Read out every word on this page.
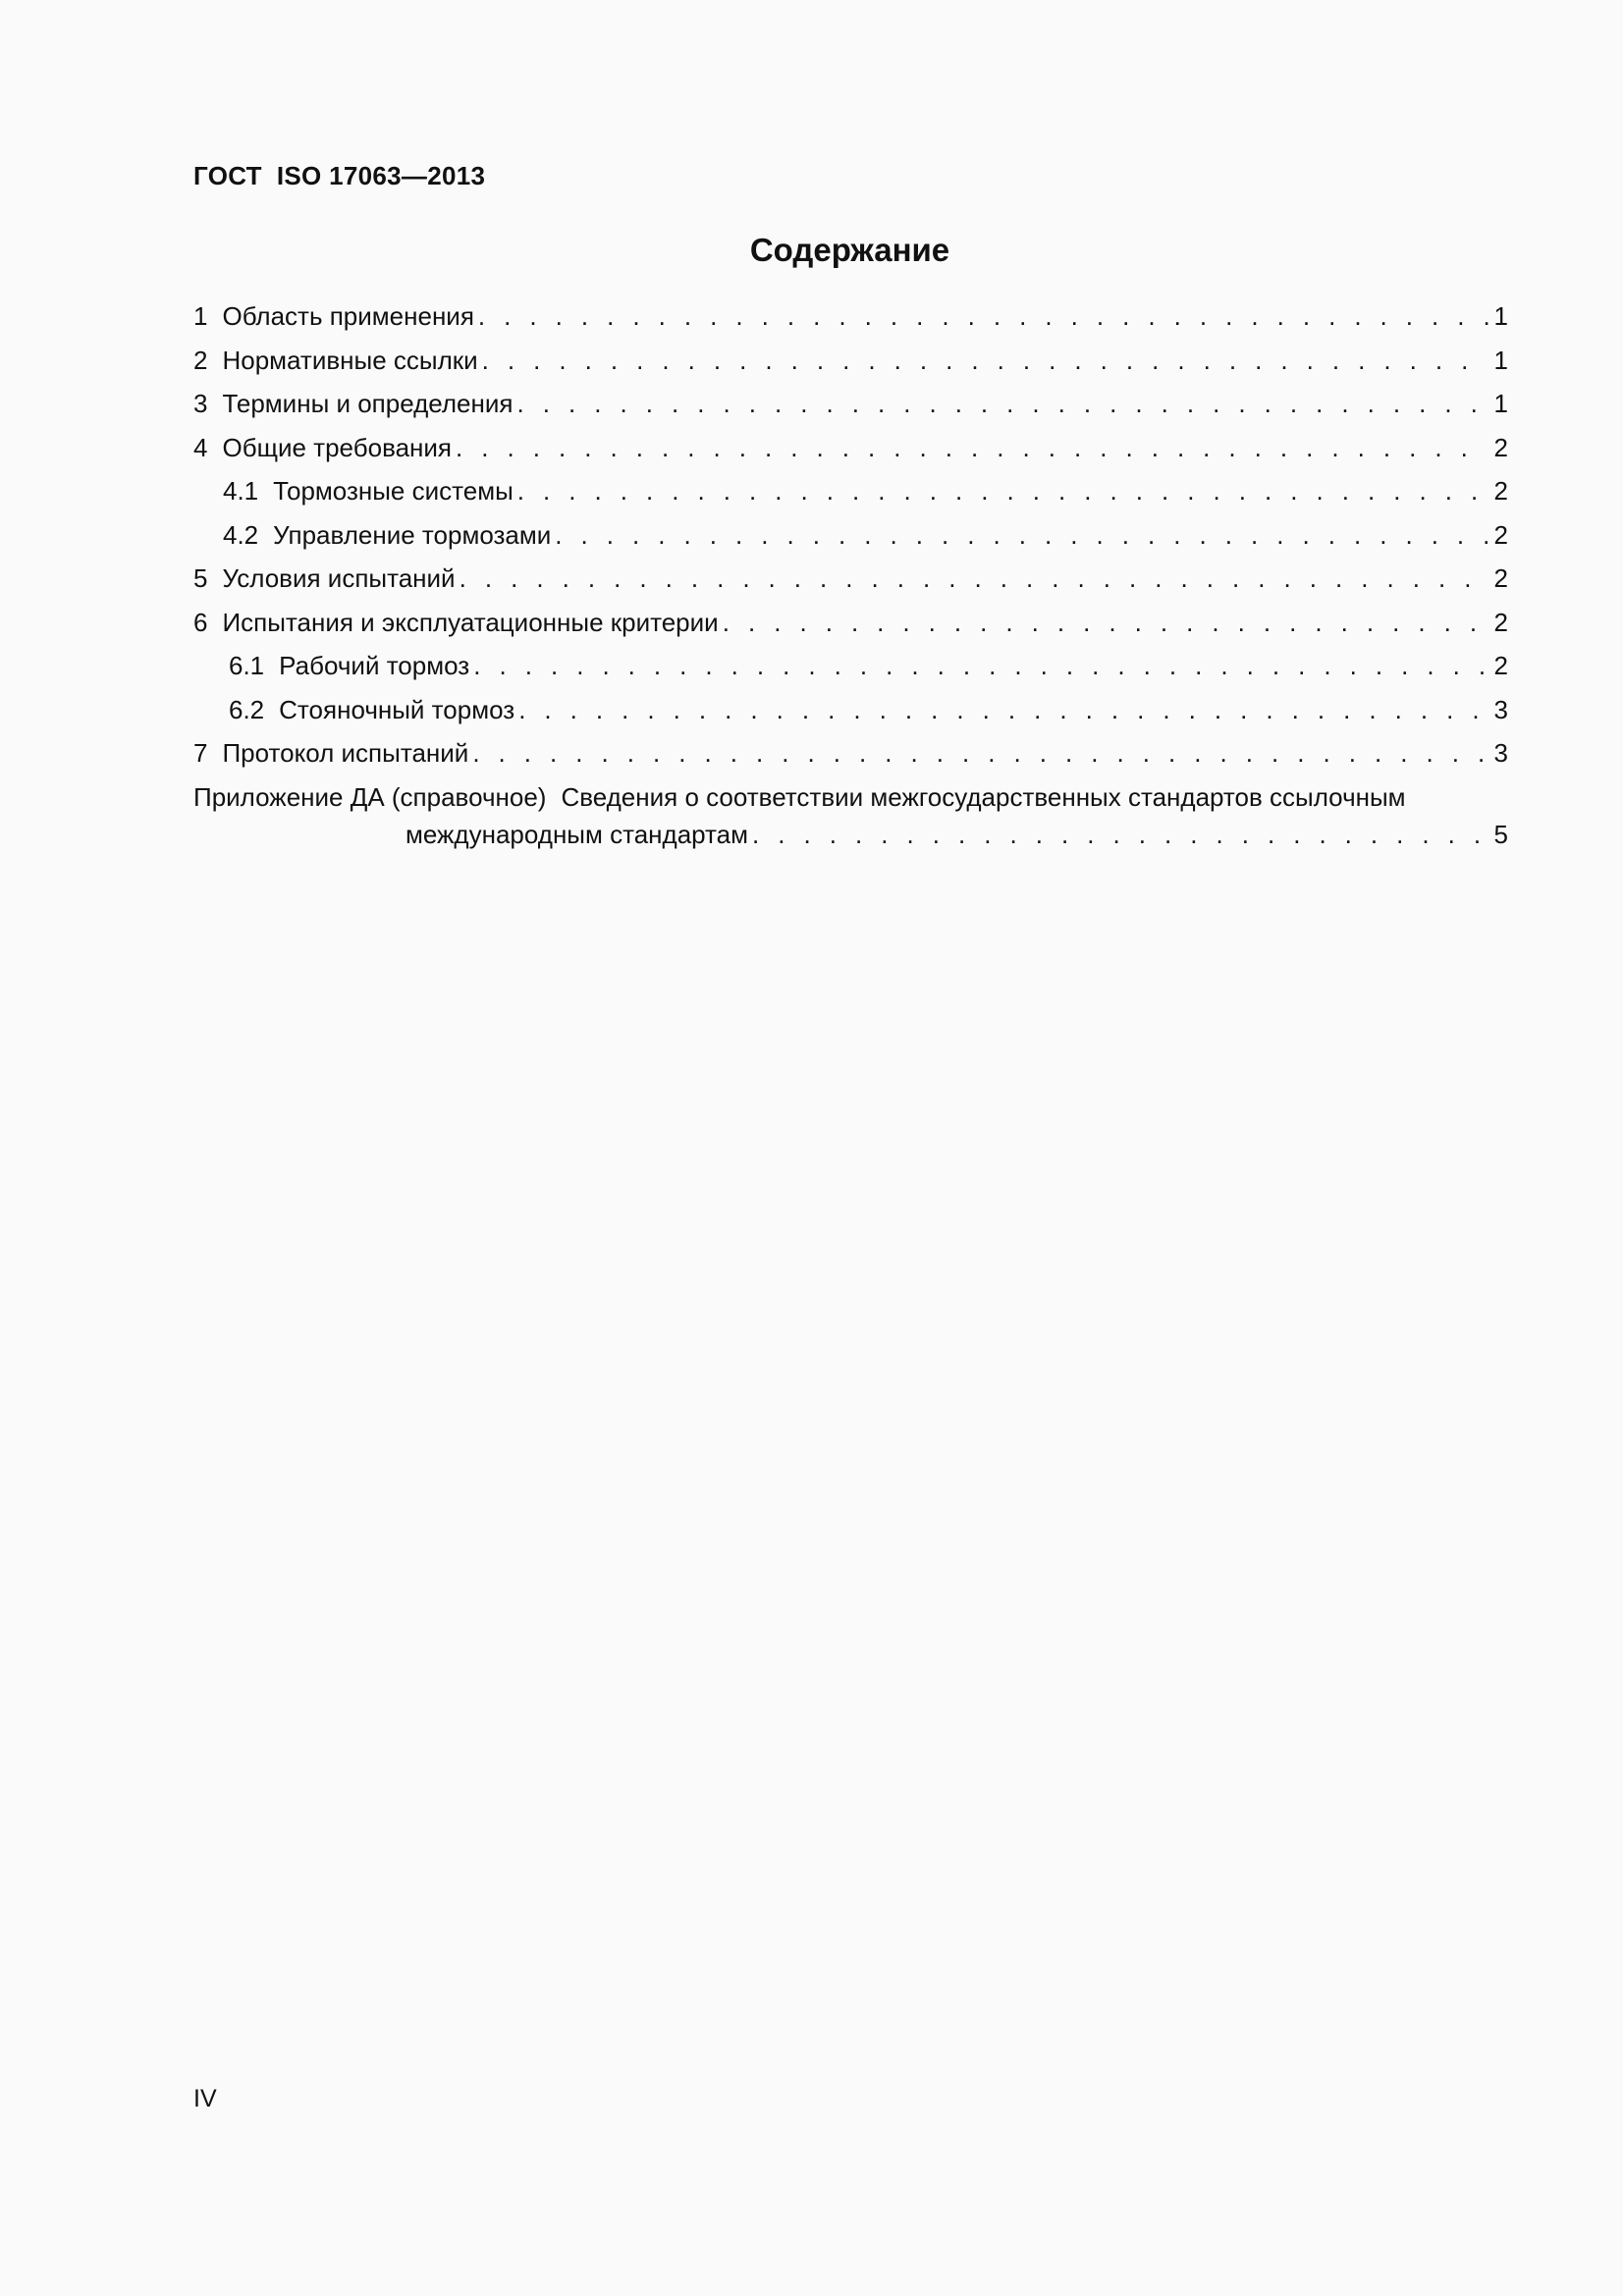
ГОСТ  ISO 17063—2013
Содержание
1 Область применения . . .	1
2 Нормативные ссылки . . .	1
3 Термины и определения . . .	1
4 Общие требования . . .	2
4.1 Тормозные системы . . .	2
4.2 Управление тормозами . . .	2
5 Условия испытаний . . .	2
6 Испытания и эксплуатационные критерии . . .	2
6.1 Рабочий тормоз . . .	2
6.2 Стояночный тормоз . . .	3
7 Протокол испытаний . . .	3
Приложение ДА (справочное) Сведения о соответствии межгосударственных стандартов ссылочным
международным стандартам . . .	5
IV
